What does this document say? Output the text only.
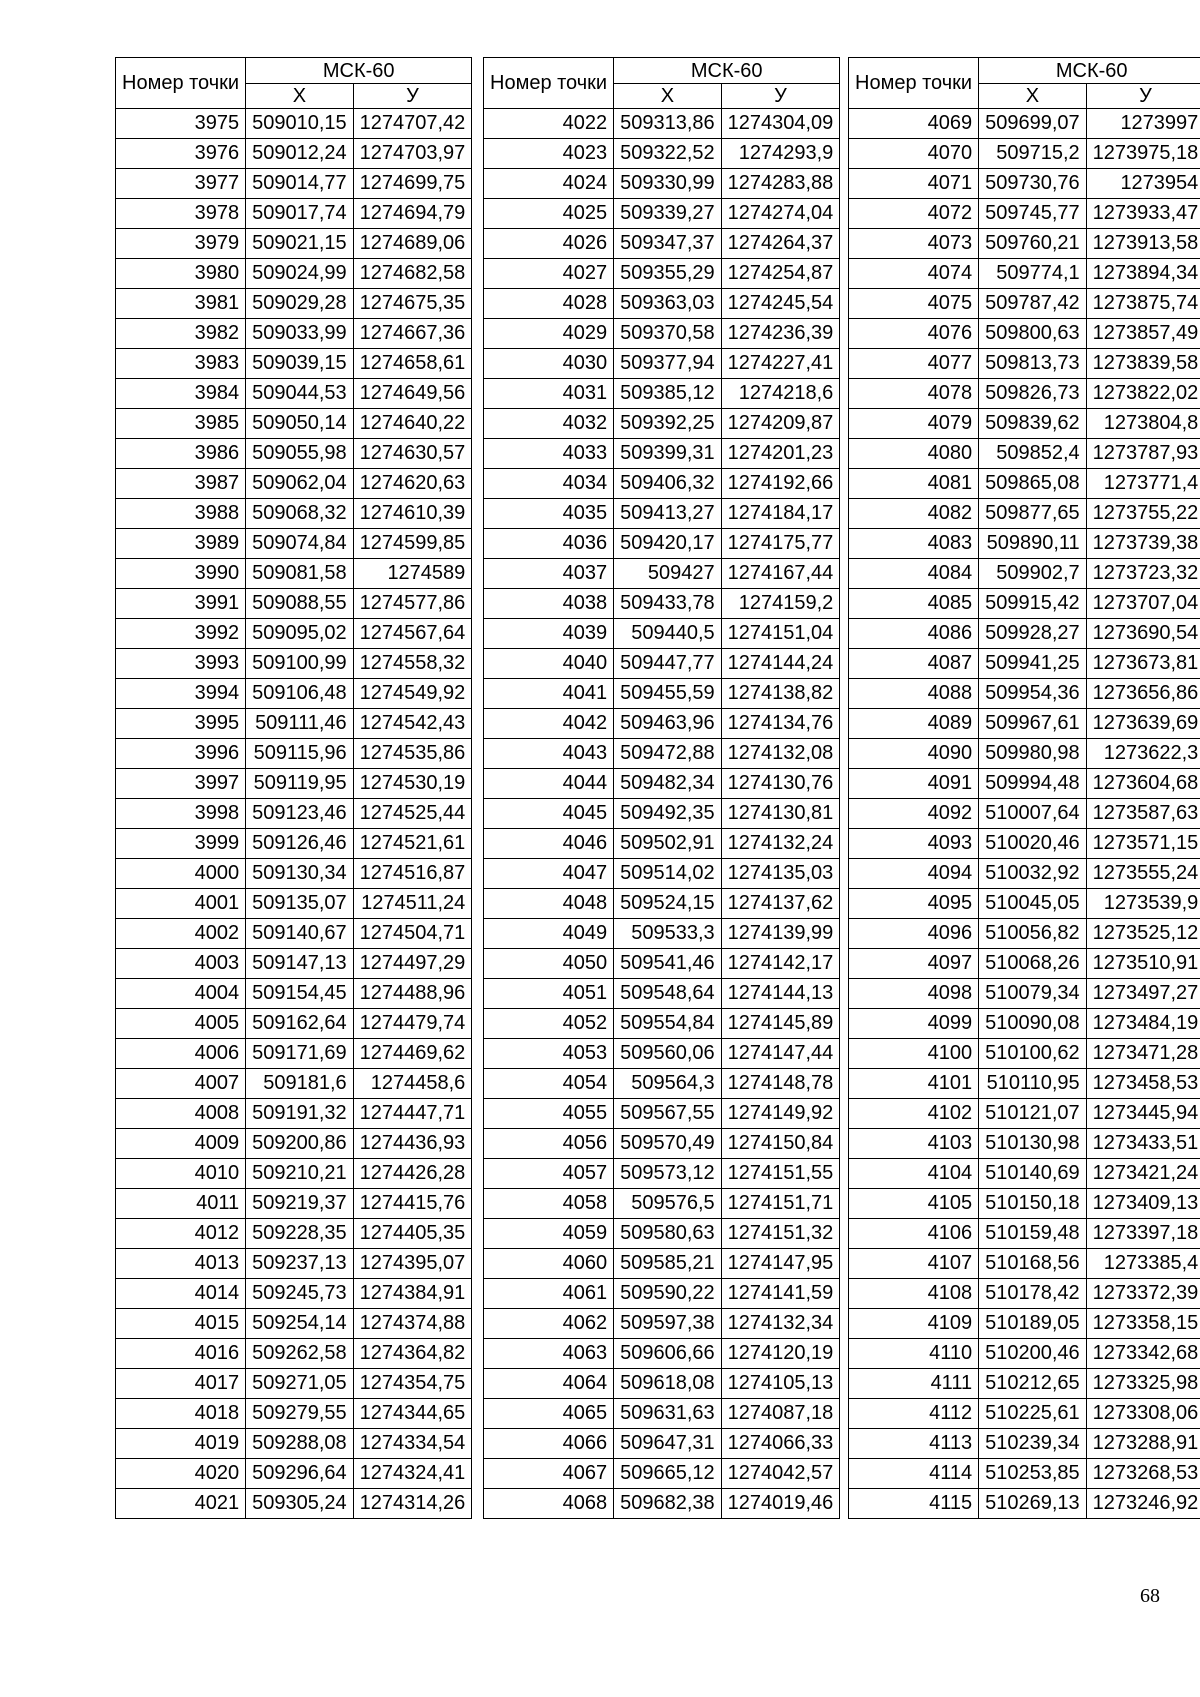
Номер точки	МСК-60	
	Х	У
3975	509010,15	1274707,42
3976	509012,24	1274703,97
3977	509014,77	1274699,75
3978	509017,74	1274694,79
3979	509021,15	1274689,06
3980	509024,99	1274682,58
3981	509029,28	1274675,35
3982	509033,99	1274667,36
3983	509039,15	1274658,61
3984	509044,53	1274649,56
3985	509050,14	1274640,22
3986	509055,98	1274630,57
3987	509062,04	1274620,63
3988	509068,32	1274610,39
3989	509074,84	1274599,85
3990	509081,58	1274589
3991	509088,55	1274577,86
3992	509095,02	1274567,64
3993	509100,99	1274558,32
3994	509106,48	1274549,92
3995	509111,46	1274542,43
3996	509115,96	1274535,86
3997	509119,95	1274530,19
3998	509123,46	1274525,44
3999	509126,46	1274521,61
4000	509130,34	1274516,87
4001	509135,07	1274511,24
4002	509140,67	1274504,71
4003	509147,13	1274497,29
4004	509154,45	1274488,96
4005	509162,64	1274479,74
4006	509171,69	1274469,62
4007	509181,6	1274458,6
4008	509191,32	1274447,71
4009	509200,86	1274436,93
4010	509210,21	1274426,28
4011	509219,37	1274415,76
4012	509228,35	1274405,35
4013	509237,13	1274395,07
4014	509245,73	1274384,91
4015	509254,14	1274374,88
4016	509262,58	1274364,82
4017	509271,05	1274354,75
4018	509279,55	1274344,65
4019	509288,08	1274334,54
4020	509296,64	1274324,41
4021	509305,24	1274314,26
Номер точки	МСК-60	
	Х	У
4022	509313,86	1274304,09
4023	509322,52	1274293,9
4024	509330,99	1274283,88
4025	509339,27	1274274,04
4026	509347,37	1274264,37
4027	509355,29	1274254,87
4028	509363,03	1274245,54
4029	509370,58	1274236,39
4030	509377,94	1274227,41
4031	509385,12	1274218,6
4032	509392,25	1274209,87
4033	509399,31	1274201,23
4034	509406,32	1274192,66
4035	509413,27	1274184,17
4036	509420,17	1274175,77
4037	509427	1274167,44
4038	509433,78	1274159,2
4039	509440,5	1274151,04
4040	509447,77	1274144,24
4041	509455,59	1274138,82
4042	509463,96	1274134,76
4043	509472,88	1274132,08
4044	509482,34	1274130,76
4045	509492,35	1274130,81
4046	509502,91	1274132,24
4047	509514,02	1274135,03
4048	509524,15	1274137,62
4049	509533,3	1274139,99
4050	509541,46	1274142,17
4051	509548,64	1274144,13
4052	509554,84	1274145,89
4053	509560,06	1274147,44
4054	509564,3	1274148,78
4055	509567,55	1274149,92
4056	509570,49	1274150,84
4057	509573,12	1274151,55
4058	509576,5	1274151,71
4059	509580,63	1274151,32
4060	509585,21	1274147,95
4061	509590,22	1274141,59
4062	509597,38	1274132,34
4063	509606,66	1274120,19
4064	509618,08	1274105,13
4065	509631,63	1274087,18
4066	509647,31	1274066,33
4067	509665,12	1274042,57
4068	509682,38	1274019,46
Номер точки	МСК-60	
	Х	У
4069	509699,07	1273997
4070	509715,2	1273975,18
4071	509730,76	1273954
4072	509745,77	1273933,47
4073	509760,21	1273913,58
4074	509774,1	1273894,34
4075	509787,42	1273875,74
4076	509800,63	1273857,49
4077	509813,73	1273839,58
4078	509826,73	1273822,02
4079	509839,62	1273804,8
4080	509852,4	1273787,93
4081	509865,08	1273771,4
4082	509877,65	1273755,22
4083	509890,11	1273739,38
4084	509902,7	1273723,32
4085	509915,42	1273707,04
4086	509928,27	1273690,54
4087	509941,25	1273673,81
4088	509954,36	1273656,86
4089	509967,61	1273639,69
4090	509980,98	1273622,3
4091	509994,48	1273604,68
4092	510007,64	1273587,63
4093	510020,46	1273571,15
4094	510032,92	1273555,24
4095	510045,05	1273539,9
4096	510056,82	1273525,12
4097	510068,26	1273510,91
4098	510079,34	1273497,27
4099	510090,08	1273484,19
4100	510100,62	1273471,28
4101	510110,95	1273458,53
4102	510121,07	1273445,94
4103	510130,98	1273433,51
4104	510140,69	1273421,24
4105	510150,18	1273409,13
4106	510159,48	1273397,18
4107	510168,56	1273385,4
4108	510178,42	1273372,39
4109	510189,05	1273358,15
4110	510200,46	1273342,68
4111	510212,65	1273325,98
4112	510225,61	1273308,06
4113	510239,34	1273288,91
4114	510253,85	1273268,53
4115	510269,13	1273246,92
68
